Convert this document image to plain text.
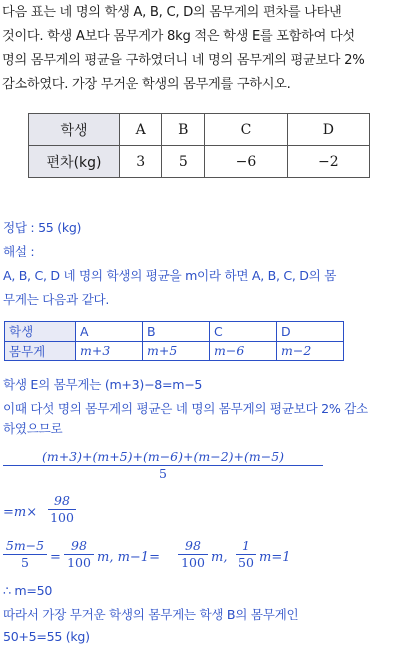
다음 표는 네 명의 학생 A, B, C, D의 몸무게의 편차를 나타낸
것이다. 학생 A보다 몸무게가 8kg 적은 학생 E를 포함하여 다섯
명의 몸무게의 평균을 구하였더니 네 명의 몸무게의 평균보다 2%
감소하였다. 가장 무거운 학생의 몸무게를 구하시오.
학생	A	B	C	D
편차(kg)	3	5	−6	−2
정답 : 55 (kg)
해설 :
A, B, C, D 네 명의 학생의 평균을 m이라 하면 A, B, C, D의 몸
무게는 다음과 같다.
학생	A	B	C	D
몸무게	m+3	m+5	m−6	m−2
학생 E의 몸무게는 (m+3)−8=m−5
이때 다섯 명의 몸무게의 평균은 네 명의 몸무게의 평균보다 2% 감소
하였으므로
$\frac{(m+3)+(m+5)+(m-6)+(m-2)+(m-5)}{5}$
$=m\times \frac{98}{100}$
$\frac{5m-5}{5} = \frac{98}{100} m$, $m-1= \frac{98}{100} m$, $\frac{1}{50} m=1$
∴ m=50
따라서 가장 무거운 학생의 몸무게는 학생 B의 몸무게인
50+5=55 (kg)
